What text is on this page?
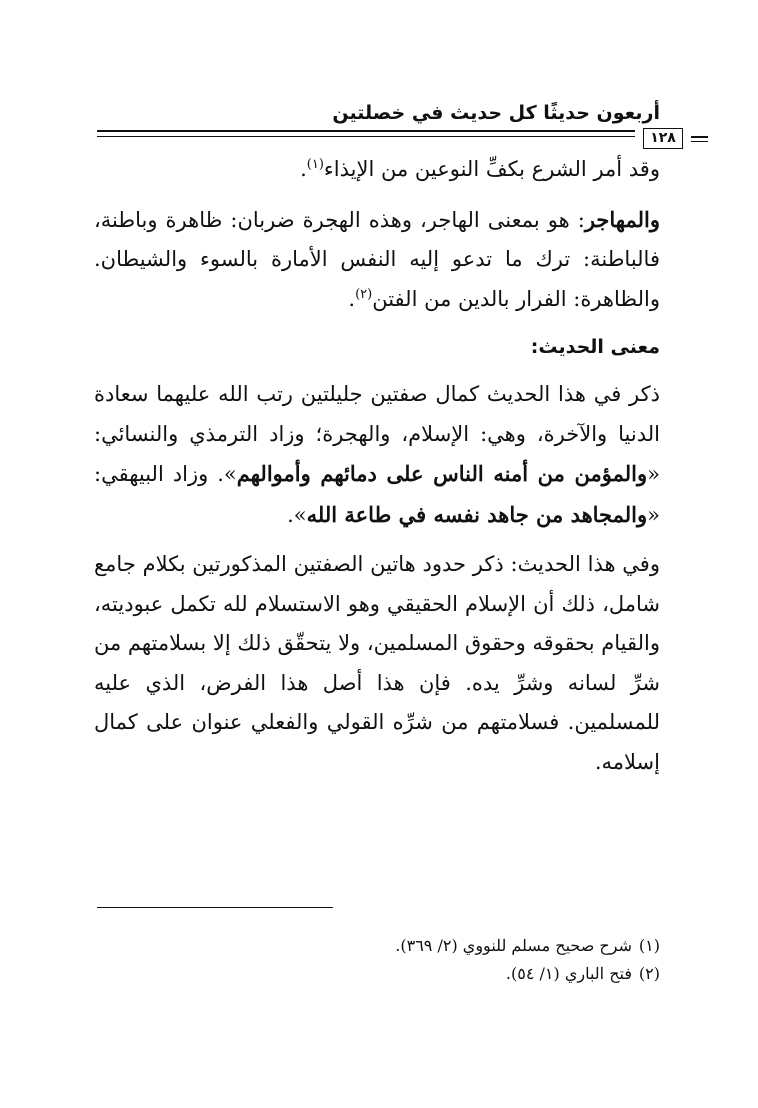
أربعون حديثًا كل حديث في خصلتين
١٢٨

وقد أمر الشرع بكفِّ النوعين من الإيذاء$^{(١)}$.

والمهاجر: هو بمعنى الهاجر، وهذه الهجرة ضربان: ظاهرة وباطنة، فالباطنة: ترك ما تدعو إليه النفس الأمارة بالسوء والشيطان. والظاهرة: الفرار بالدين من الفتن$^{(٢)}$.

معنى الحديث:

ذكر في هذا الحديث كمال صفتين جليلتين رتب الله عليهما سعادة الدنيا والآخرة، وهي: الإسلام، والهجرة؛ وزاد الترمذي والنسائي: «والمؤمن من أمنه الناس على دمائهم وأموالهم». وزاد البيهقي: «والمجاهد من جاهد نفسه في طاعة الله».

وفي هذا الحديث: ذكر حدود هاتين الصفتين المذكورتين بكلام جامع شامل، ذلك أن الإسلام الحقيقي وهو الاستسلام لله تكمل عبوديته، والقيام بحقوقه وحقوق المسلمين، ولا يتحقّق ذلك إلا بسلامتهم من شرِّ لسانه وشرِّ يده. فإن هذا أصل هذا الفرض، الذي عليه للمسلمين. فسلامتهم من شرِّه القولي والفعلي عنوان على كمال إسلامه.

(١)شرح صحيح مسلم للنووي (٢/ ٣٦٩).
(٢)فتح الباري (١/ ٥٤).
